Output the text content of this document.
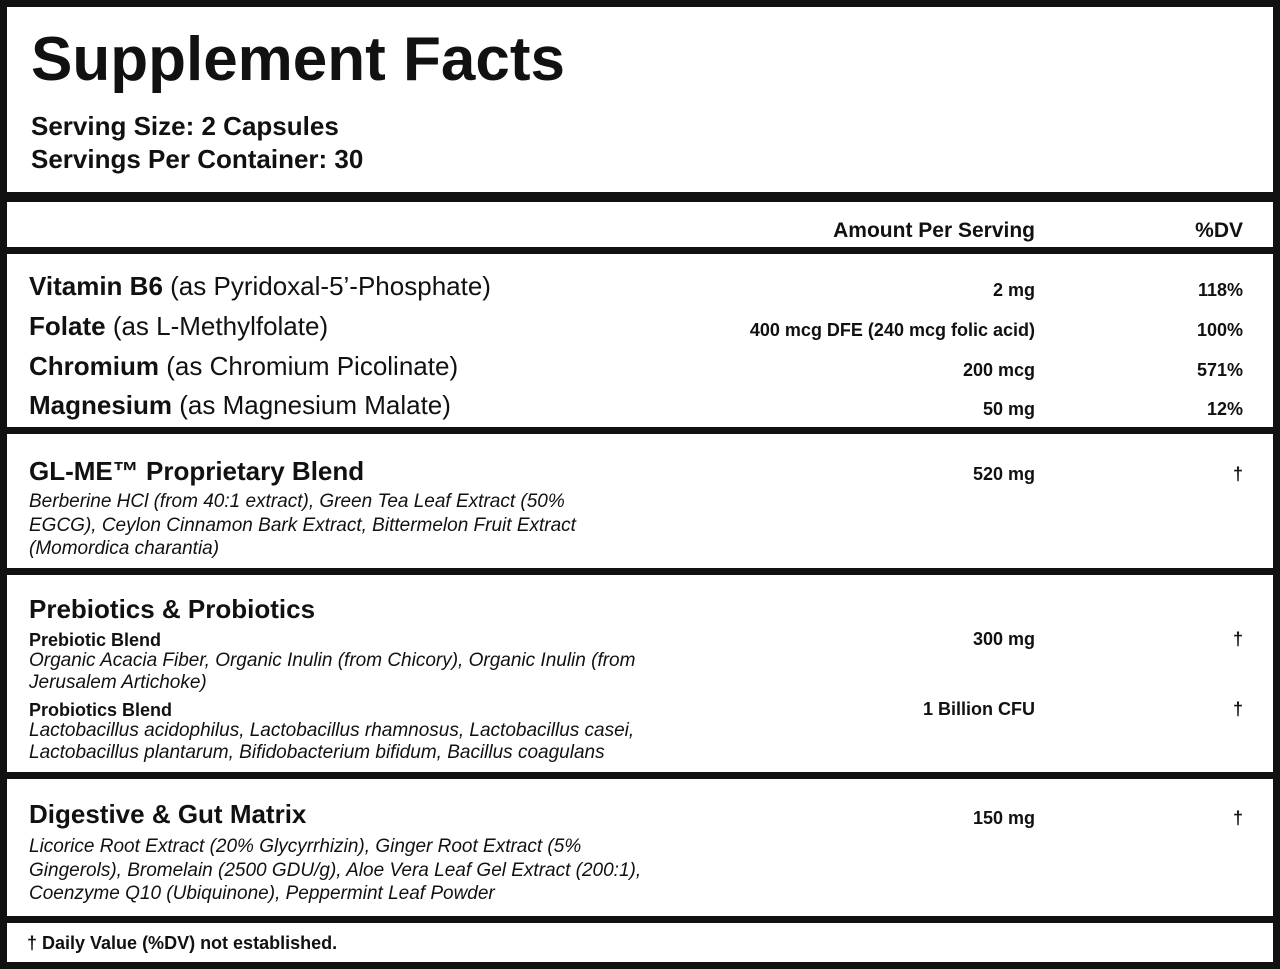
Supplement Facts
Serving Size: 2 Capsules
Servings Per Container: 30
Amount Per Serving	%DV
Vitamin B6 (as Pyridoxal-5’-Phosphate)	2 mg	118%
Folate (as L-Methylfolate)	400 mcg DFE (240 mcg folic acid)	100%
Chromium (as Chromium Picolinate)	200 mcg	571%
Magnesium (as Magnesium Malate)	50 mg	12%
GL-ME™ Proprietary Blend	520 mg	†
Berberine HCl (from 40:1 extract), Green Tea Leaf Extract (50% EGCG), Ceylon Cinnamon Bark Extract, Bittermelon Fruit Extract (Momordica charantia)
Prebiotics & Probiotics
Prebiotic Blend	300 mg	†
Organic Acacia Fiber, Organic Inulin (from Chicory), Organic Inulin (from Jerusalem Artichoke)
Probiotics Blend	1 Billion CFU	†
Lactobacillus acidophilus, Lactobacillus rhamnosus, Lactobacillus casei, Lactobacillus plantarum, Bifidobacterium bifidum, Bacillus coagulans
Digestive & Gut Matrix	150 mg	†
Licorice Root Extract (20% Glycyrrhizin), Ginger Root Extract (5% Gingerols), Bromelain (2500 GDU/g), Aloe Vera Leaf Gel Extract (200:1), Coenzyme Q10 (Ubiquinone), Peppermint Leaf Powder
† Daily Value (%DV) not established.
